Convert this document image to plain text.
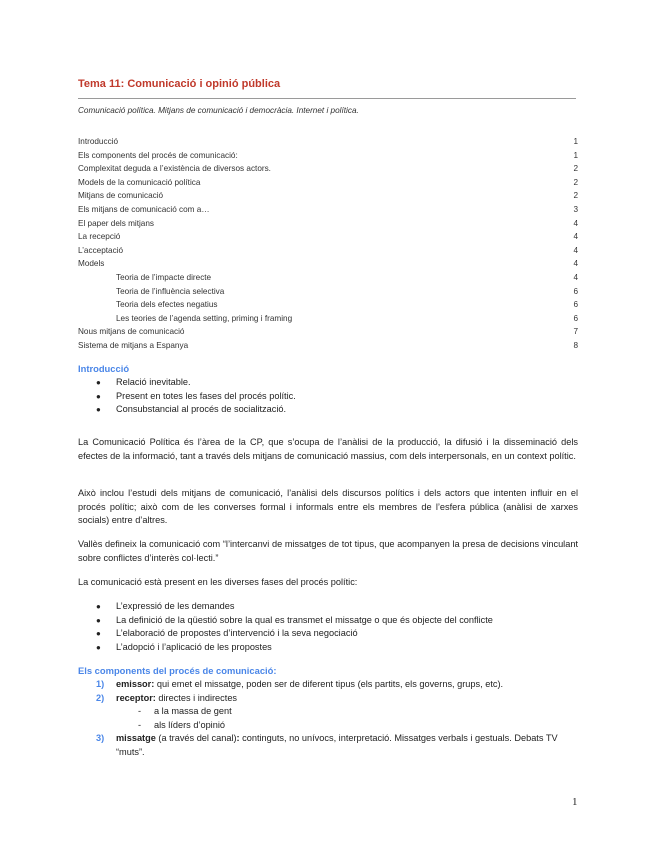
Tema 11: Comunicació i opinió pública
Comunicació política. Mitjans de comunicació i democràcia. Internet i política.
Introducció	1
Els components del procés de comunicació:	1
Complexitat deguda a l’existència de diversos actors.	2
Models de la comunicació política	2
Mitjans de comunicació	2
Els mitjans de comunicació com a…	3
El paper dels mitjans	4
La recepció	4
L’acceptació	4
Models	4
Teoria de l’impacte directe	4
Teoria de l’influència selectiva	6
Teoria dels efectes negatius	6
Les teories de l’agenda setting, priming i framing	6
Nous mitjans de comunicació	7
Sistema de mitjans a Espanya	8
Introducció
● Relació inevitable.
● Present en totes les fases del procés polític.
● Consubstancial al procés de socialització.

La Comunicació Política és l’àrea de la CP, que s’ocupa de l’anàlisi de la producció, la difusió i la disseminació dels efectes de la informació, tant a través dels mitjans de comunicació massius, com dels interpersonals, en un context polític.

Això inclou l’estudi dels mitjans de comunicació, l’anàlisi dels discursos polítics i dels actors que intenten influir en el procés polític; això com de les converses formal i informals entre els membres de l’esfera pública (anàlisi de xarxes socials) entre d’altres.

Vallès defineix la comunicació com “l’intercanvi de missatges de tot tipus, que acompanyen la presa de decisions vinculant sobre conflictes d’interès col·lecti.”

La comunicació està present en les diverses fases del procés polític:

● L’expressió de les demandes
● La definició de la qüestió sobre la qual es transmet el missatge o que és objecte del conflicte
● L’elaboració de propostes d’intervenció i la seva negociació
● L’adopció i l’aplicació de les propostes
Els components del procés de comunicació:
1) emissor: qui emet el missatge, poden ser de diferent tipus (els partits, els governs, grups, etc).
2) receptor: directes i indirectes
- a la massa de gent
- als líders d’opinió
3) missatge (a través del canal): continguts, no unívocs, interpretació. Missatges verbals i gestuals. Debats TV “muts”.
1
